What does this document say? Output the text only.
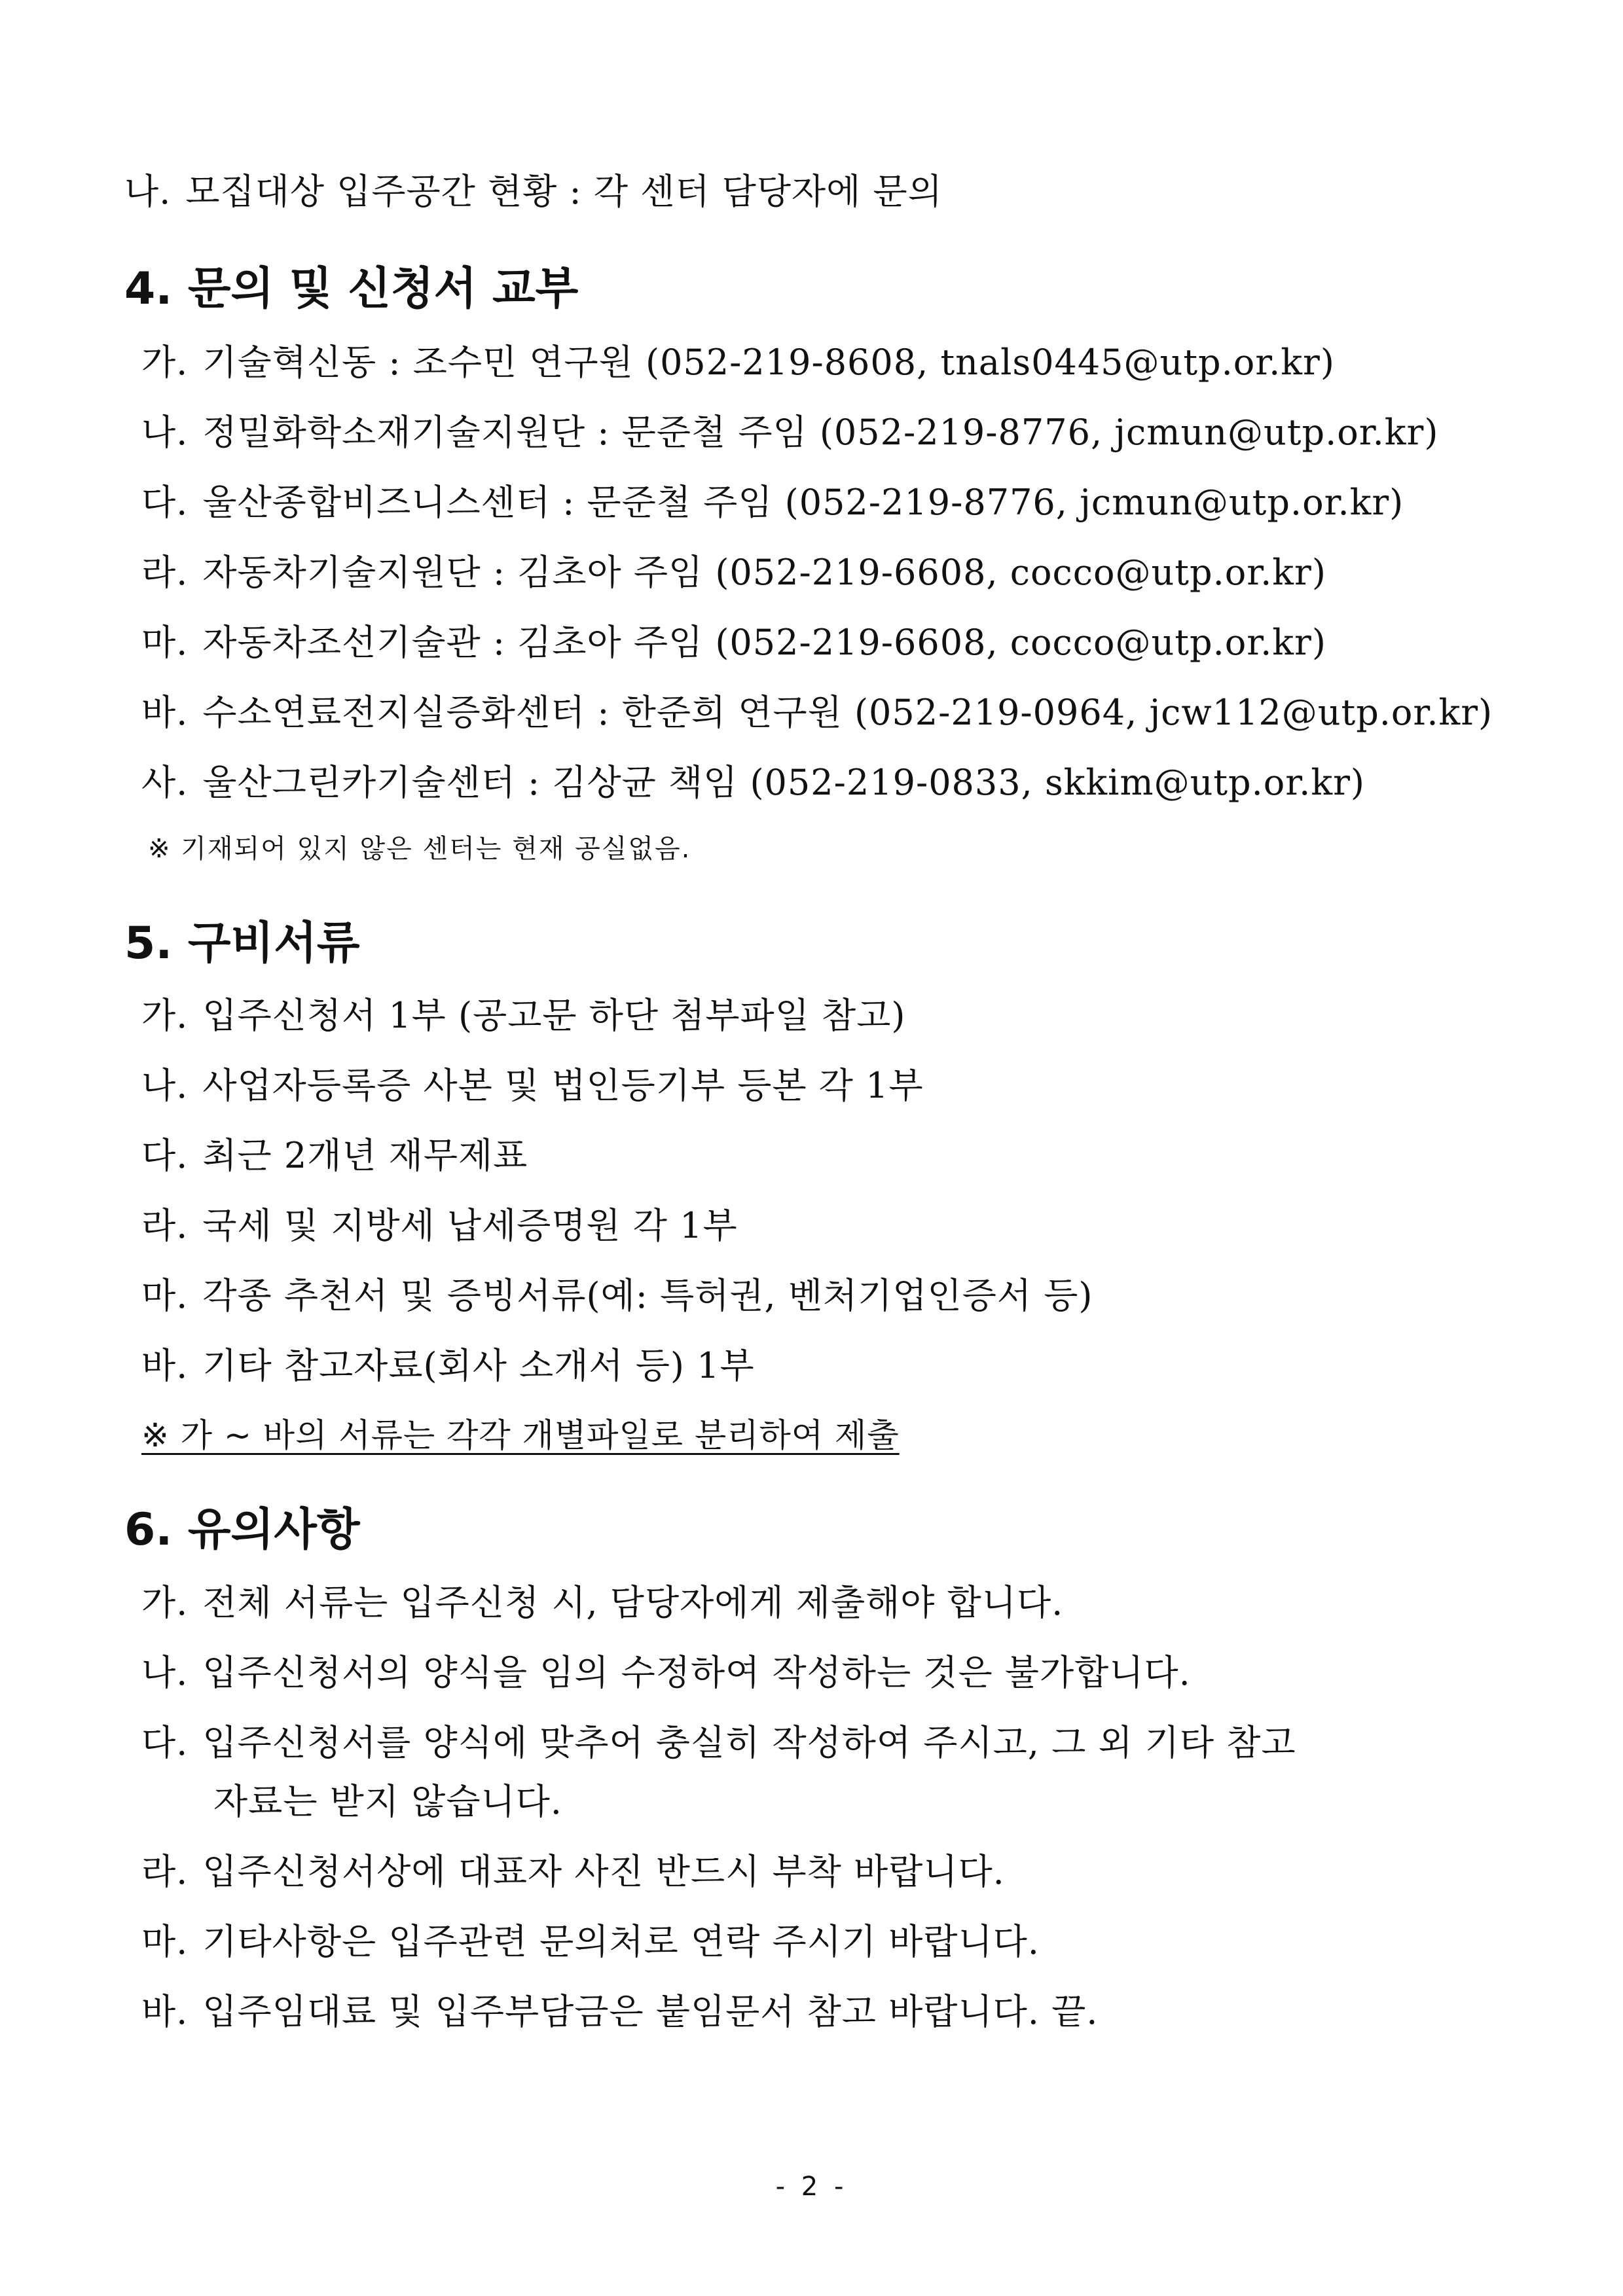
나. 모집대상 입주공간 현황 : 각 센터 담당자에 문의
4. 문의 및 신청서 교부
가. 기술혁신동 : 조수민 연구원 (052-219-8608, tnals0445@utp.or.kr)
나. 정밀화학소재기술지원단 : 문준철 주임 (052-219-8776, jcmun@utp.or.kr)
다. 울산종합비즈니스센터 : 문준철 주임 (052-219-8776, jcmun@utp.or.kr)
라. 자동차기술지원단 : 김초아 주임 (052-219-6608, cocco@utp.or.kr)
마. 자동차조선기술관 : 김초아 주임 (052-219-6608, cocco@utp.or.kr)
바. 수소연료전지실증화센터 : 한준희 연구원 (052-219-0964, jcw112@utp.or.kr)
사. 울산그린카기술센터 : 김상균 책임 (052-219-0833, skkim@utp.or.kr)
※ 기재되어 있지 않은 센터는 현재 공실없음.
5. 구비서류
가. 입주신청서 1부 (공고문 하단 첨부파일 참고)
나. 사업자등록증 사본 및 법인등기부 등본 각 1부
다. 최근 2개년 재무제표
라. 국세 및 지방세 납세증명원 각 1부
마. 각종 추천서 및 증빙서류(예: 특허권, 벤처기업인증서 등)
바. 기타 참고자료(회사 소개서 등) 1부
※ 가 ~ 바의 서류는 각각 개별파일로 분리하여 제출
6. 유의사항
가. 전체 서류는 입주신청 시, 담당자에게 제출해야 합니다.
나. 입주신청서의 양식을 임의 수정하여 작성하는 것은 불가합니다.
다. 입주신청서를 양식에 맞추어 충실히 작성하여 주시고, 그 외 기타 참고
자료는 받지 않습니다.
라. 입주신청서상에 대표자 사진 반드시 부착 바랍니다.
마. 기타사항은 입주관련 문의처로 연락 주시기 바랍니다.
바. 입주임대료 및 입주부담금은 붙임문서 참고 바랍니다. 끝.
- 2 -
